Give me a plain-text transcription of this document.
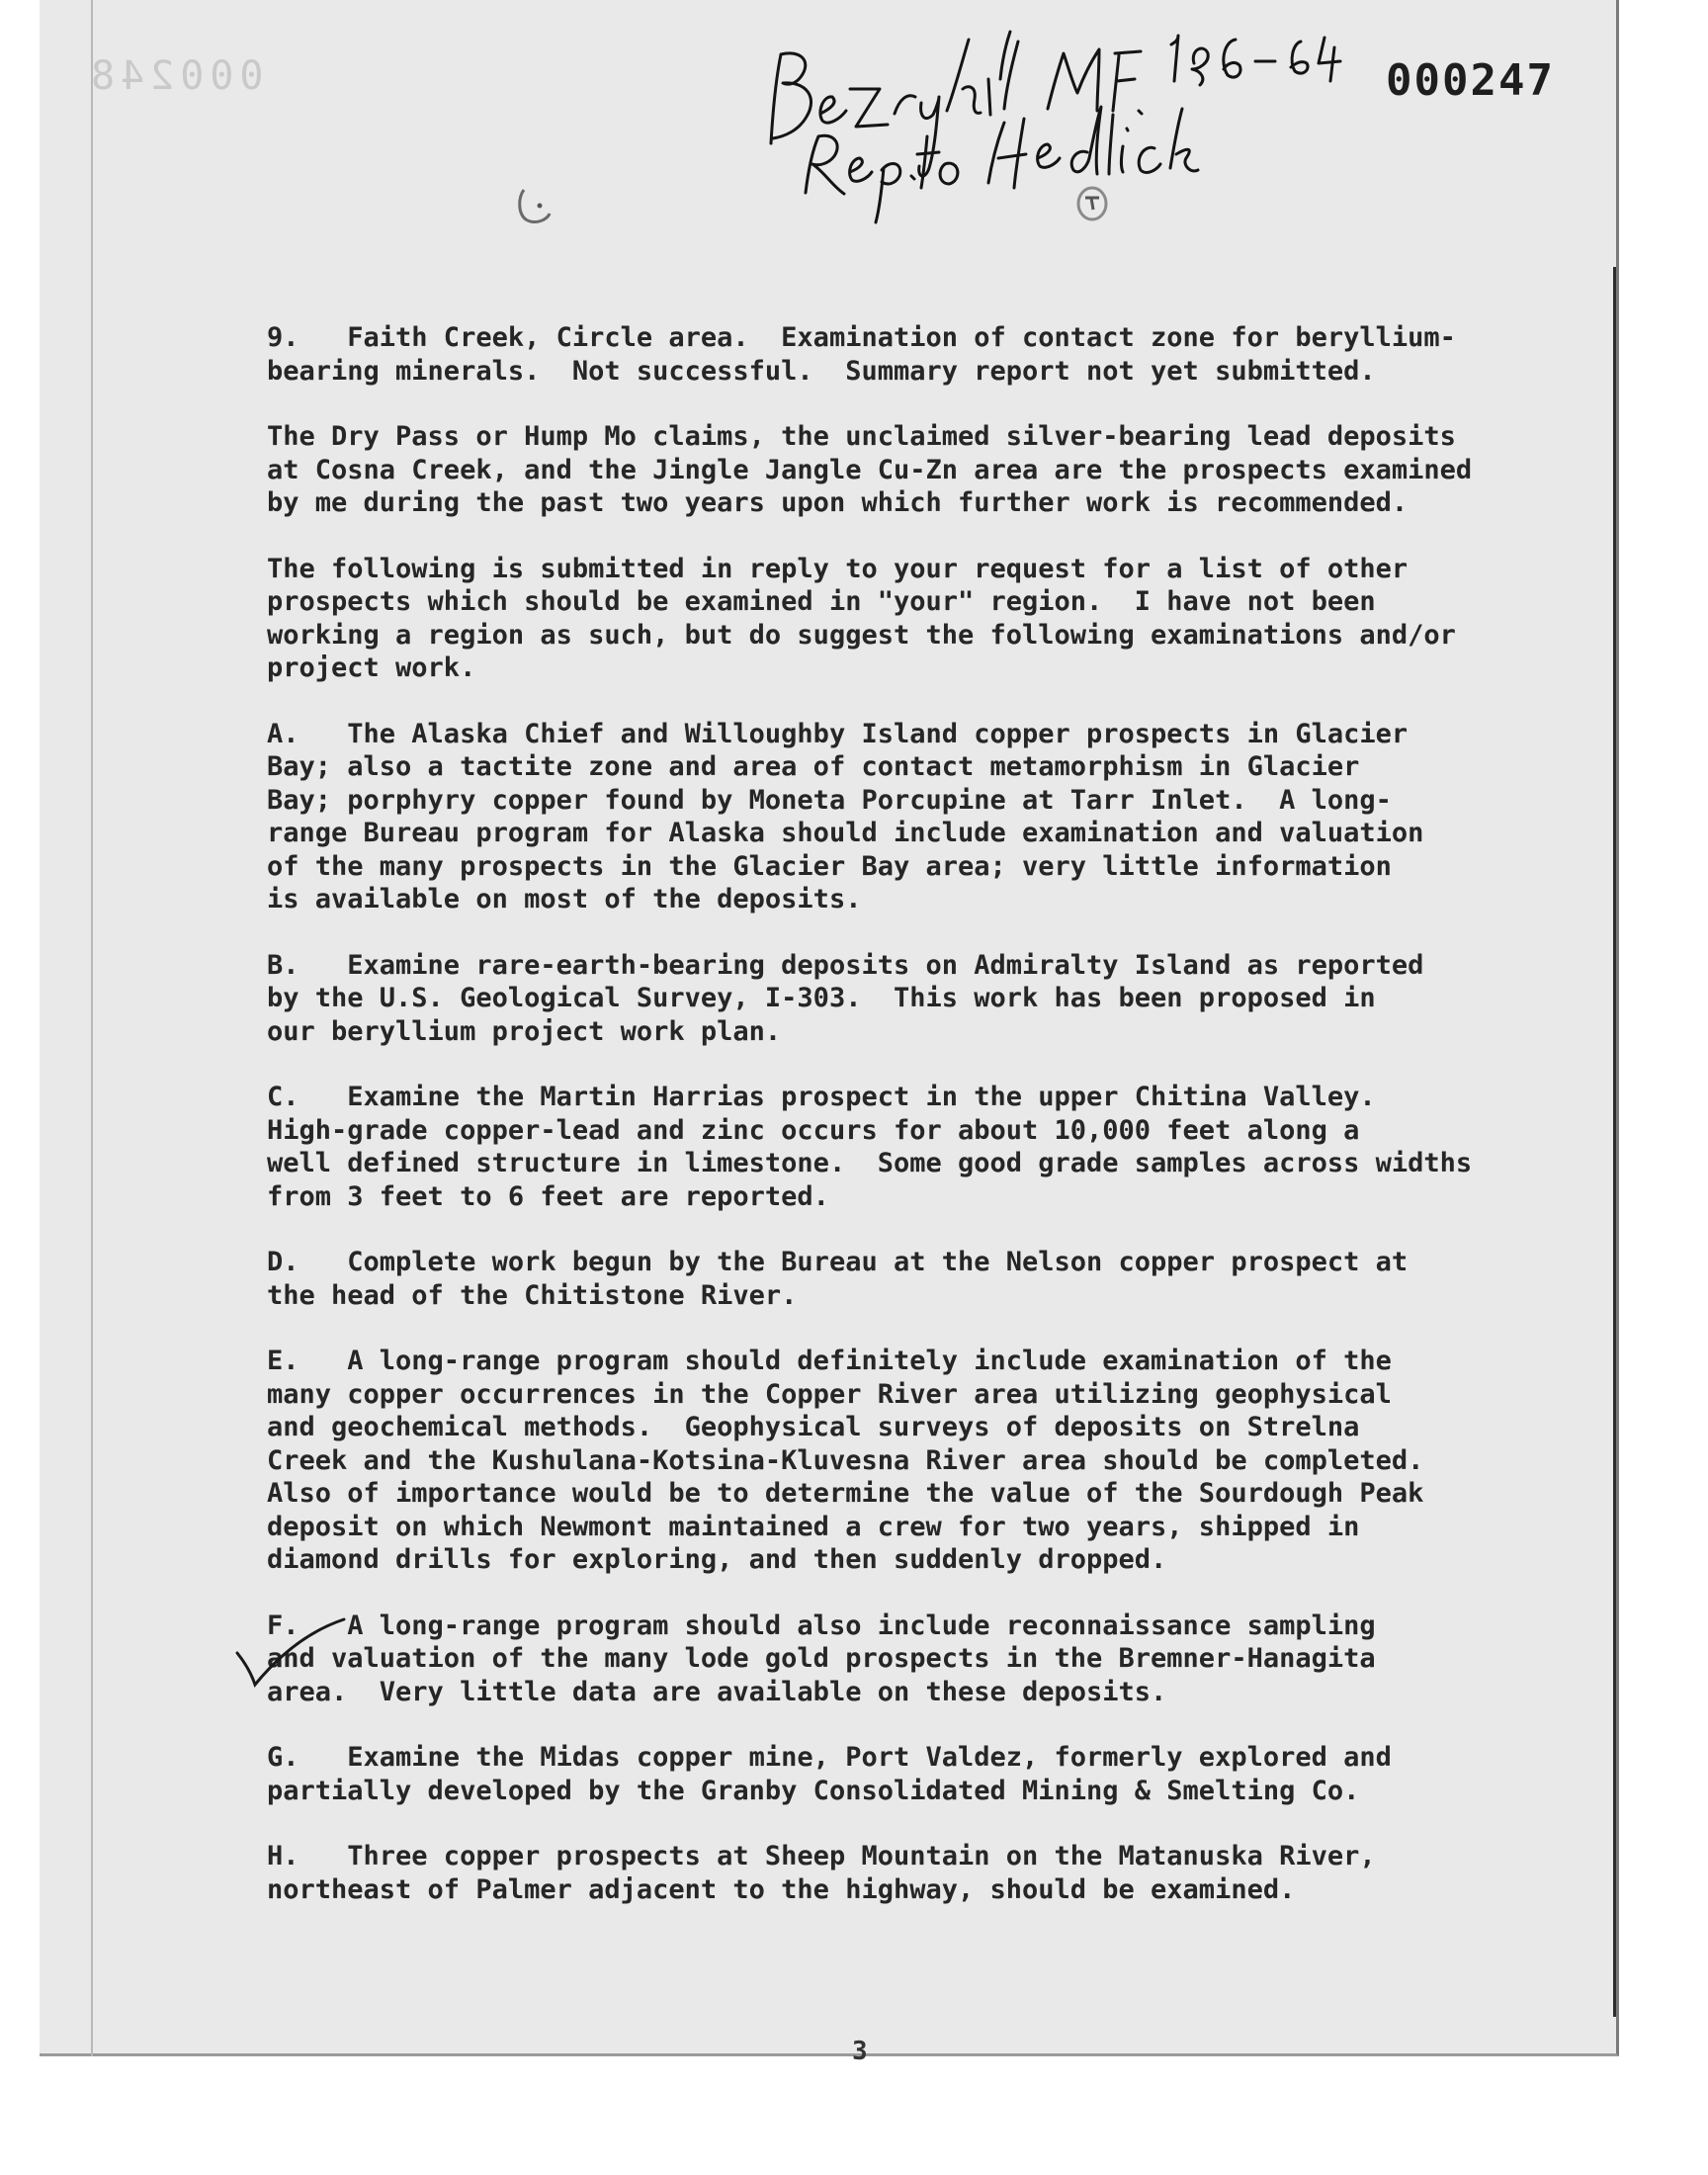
000248	000247
9.   Faith Creek, Circle area.  Examination of contact zone for beryllium-
bearing minerals.  Not successful.  Summary report not yet submitted.
The Dry Pass or Hump Mo claims, the unclaimed silver-bearing lead deposits
at Cosna Creek, and the Jingle Jangle Cu-Zn area are the prospects examined
by me during the past two years upon which further work is recommended.
The following is submitted in reply to your request for a list of other
prospects which should be examined in "your" region.  I have not been
working a region as such, but do suggest the following examinations and/or
project work.
A.   The Alaska Chief and Willoughby Island copper prospects in Glacier
Bay; also a tactite zone and area of contact metamorphism in Glacier
Bay; porphyry copper found by Moneta Porcupine at Tarr Inlet.  A long-
range Bureau program for Alaska should include examination and valuation
of the many prospects in the Glacier Bay area; very little information
is available on most of the deposits.
B.   Examine rare-earth-bearing deposits on Admiralty Island as reported
by the U.S. Geological Survey, I-303.  This work has been proposed in
our beryllium project work plan.
C.   Examine the Martin Harrias prospect in the upper Chitina Valley.
High-grade copper-lead and zinc occurs for about 10,000 feet along a
well defined structure in limestone.  Some good grade samples across widths
from 3 feet to 6 feet are reported.
D.   Complete work begun by the Bureau at the Nelson copper prospect at
the head of the Chitistone River.
E.   A long-range program should definitely include examination of the
many copper occurrences in the Copper River area utilizing geophysical
and geochemical methods.  Geophysical surveys of deposits on Strelna
Creek and the Kushulana-Kotsina-Kluvesna River area should be completed.
Also of importance would be to determine the value of the Sourdough Peak
deposit on which Newmont maintained a crew for two years, shipped in
diamond drills for exploring, and then suddenly dropped.
F.   A long-range program should also include reconnaissance sampling
and valuation of the many lode gold prospects in the Bremner-Hanagita
area.  Very little data are available on these deposits.
G.   Examine the Midas copper mine, Port Valdez, formerly explored and
partially developed by the Granby Consolidated Mining & Smelting Co.
H.   Three copper prospects at Sheep Mountain on the Matanuska River,
northeast of Palmer adjacent to the highway, should be examined.
3
